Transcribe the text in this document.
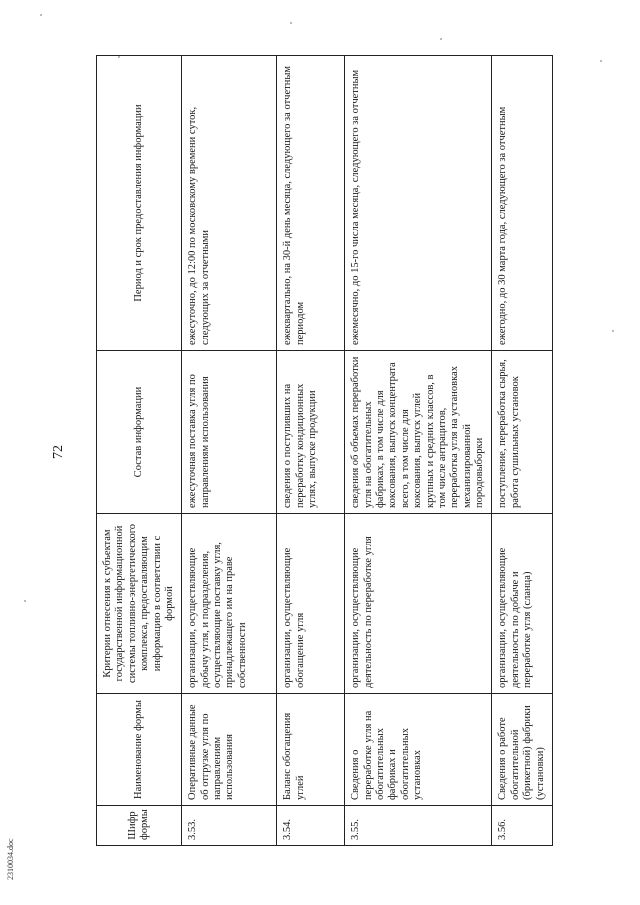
72
Шифр формы	Наименование формы	Критерии отнесения к субъектам государственной информационной системы топливно-энергетического комплекса, предоставляющим информацию в соответствии с формой	Состав информации	Период и срок предоставления информации
3.53.	Оперативные данные об отгрузке угля по направлениям использования	организации, осуществляющие добычу угля, и подразделения, осуществляющие поставку угля, принадлежащего им на праве собственности	ежесуточная поставка угля по направлениям использования	ежесуточно, до 12:00 по московскому времени суток, следующих за отчетными
3.54.	Баланс обогащения углей	организации, осуществляющие обогащение угля	сведения о поступивших на переработку кондиционных углях, выпуске продукции	ежеквартально, на 30-й день месяца, следующего за отчетным периодом
3.55.	Сведения о переработке угля на обогатительных фабриках и обогатительных установках	организации, осуществляющие деятельность по переработке угля	сведения об объемах переработки угля на обогатительных фабриках, в том числе для коксования, выпуск концентрата всего, в том числе для коксования, выпуск углей крупных и средних классов, в том числе антрацитов, переработка угля на установках механизированной породовыборки	ежемесячно, до 15-го числа месяца, следующего за отчетным
3.56.	Сведения о работе обогатительной (брикетной) фабрики (установки)	организации, осуществляющие деятельность по добыче и переработке угля (сланца)	поступление, переработка сырья, работа сушильных установок	ежегодно, до 30 марта года, следующего за отчетным
2310034.doc
